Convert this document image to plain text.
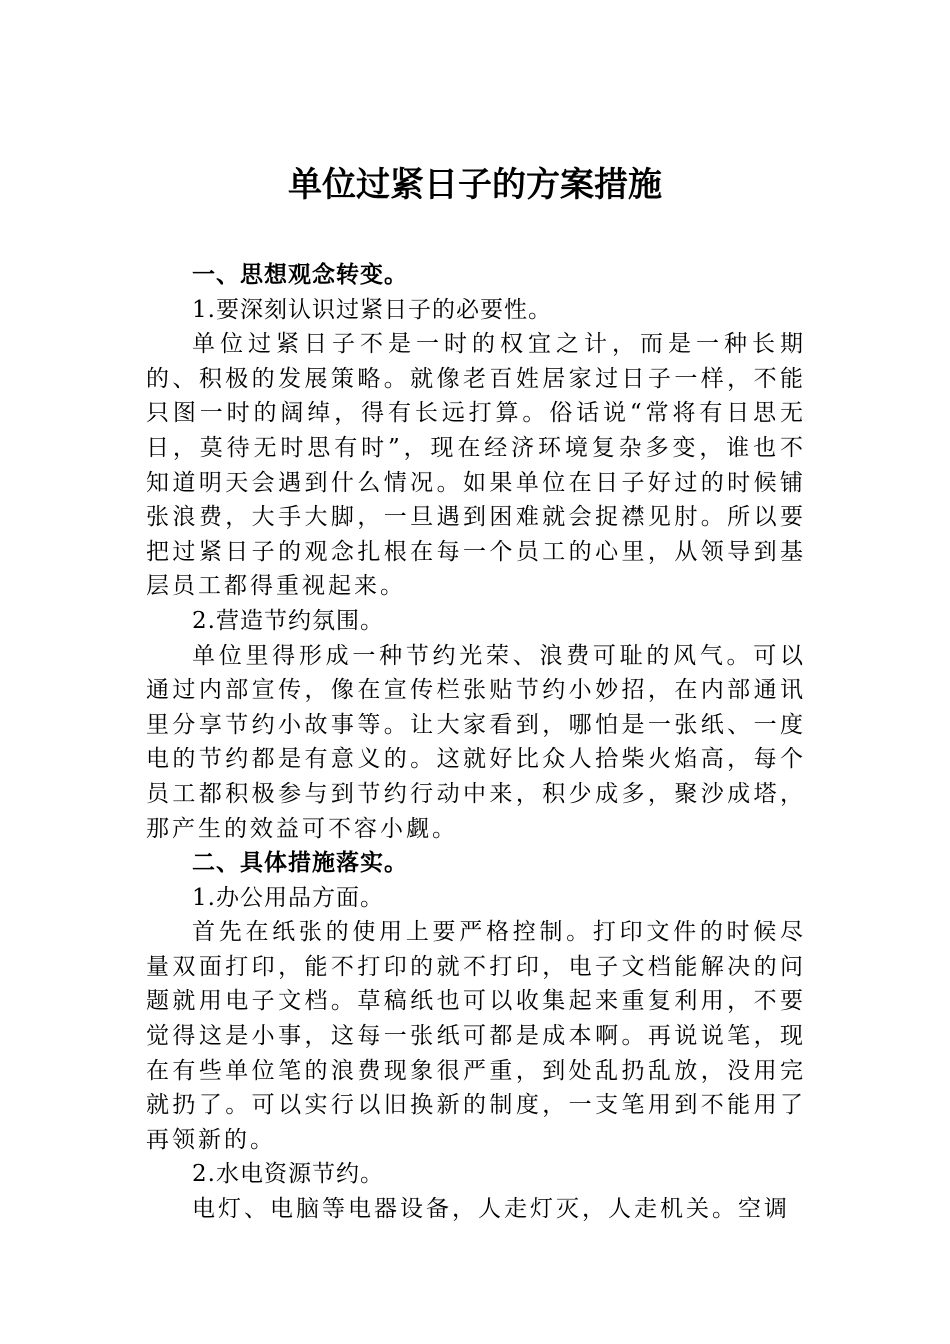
单位过紧日子的方案措施

一、思想观念转变。

1.要深刻认识过紧日子的必要性。

单位过紧日子不是一时的权宜之计，而是一种长期的、积极的发展策略。就像老百姓居家过日子一样，不能只图一时的阔绰，得有长远打算。俗话说“常将有日思无日，莫待无时思有时”，现在经济环境复杂多变，谁也不知道明天会遇到什么情况。如果单位在日子好过的时候铺张浪费，大手大脚，一旦遇到困难就会捉襟见肘。所以要把过紧日子的观念扎根在每一个员工的心里，从领导到基层员工都得重视起来。

2.营造节约氛围。

单位里得形成一种节约光荣、浪费可耻的风气。可以通过内部宣传，像在宣传栏张贴节约小妙招，在内部通讯里分享节约小故事等。让大家看到，哪怕是一张纸、一度电的节约都是有意义的。这就好比众人拾柴火焰高，每个员工都积极参与到节约行动中来，积少成多，聚沙成塔，那产生的效益可不容小觑。

二、具体措施落实。

1.办公用品方面。

首先在纸张的使用上要严格控制。打印文件的时候尽量双面打印，能不打印的就不打印，电子文档能解决的问题就用电子文档。草稿纸也可以收集起来重复利用，不要觉得这是小事，这每一张纸可都是成本啊。再说说笔，现在有些单位笔的浪费现象很严重，到处乱扔乱放，没用完就扔了。可以实行以旧换新的制度，一支笔用到不能用了再领新的。

2.水电资源节约。

电灯、电脑等电器设备，人走灯灭，人走机关。空调
